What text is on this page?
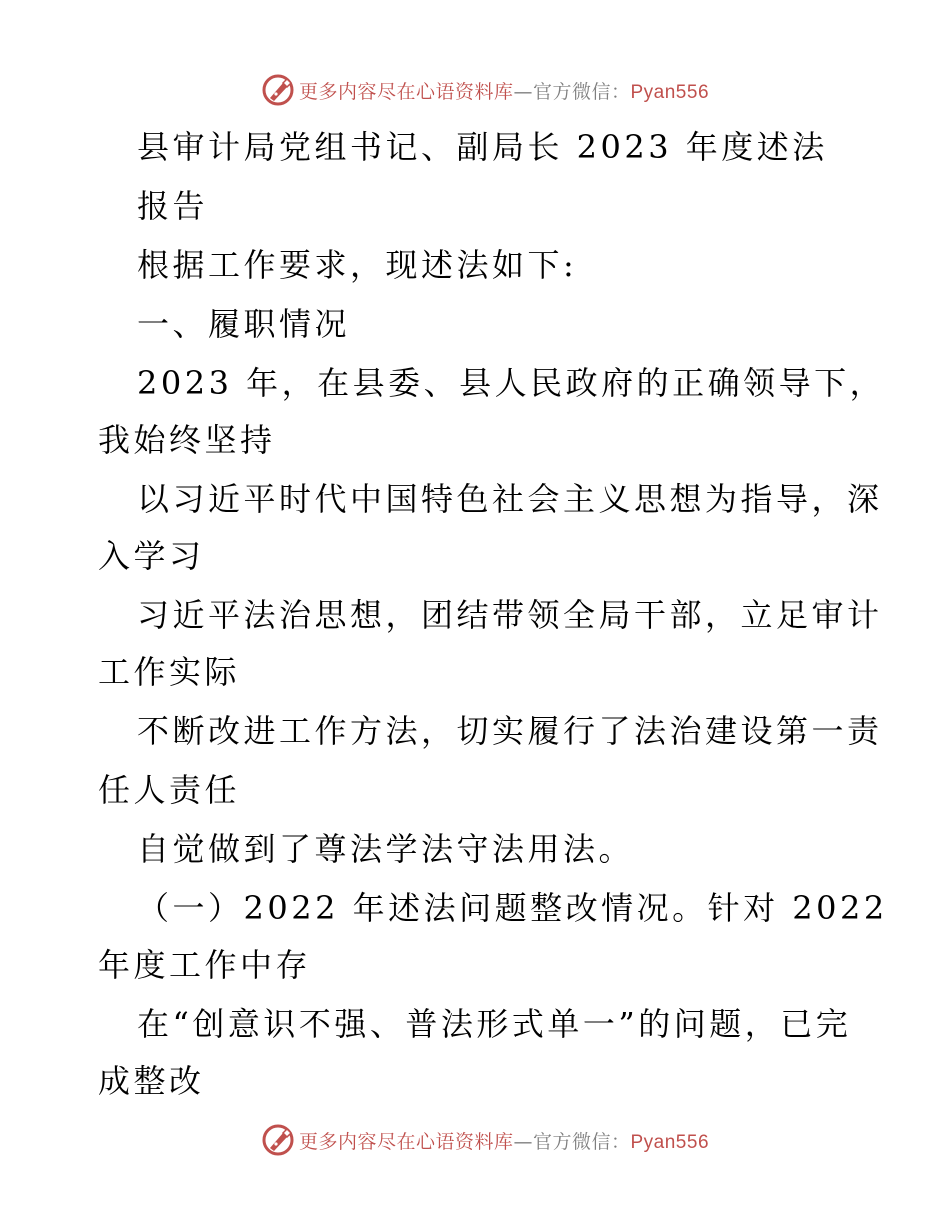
更多内容尽在心语资料库—官方微信：Pyan556
县审计局党组书记、副局长 2023 年度述法
报告
根据工作要求，现述法如下:
一、履职情况
2023 年，在县委、县人民政府的正确领导下，
我始终坚持
以习近平时代中国特色社会主义思想为指导，深
入学习
习近平法治思想，团结带领全局干部，立足审计
工作实际
不断改进工作方法，切实履行了法治建设第一责
任人责任
自觉做到了尊法学法守法用法。
（一）2022 年述法问题整改情况。针对 2022
年度工作中存
在“创意识不强、普法形式单一”的问题，已完
成整改
更多内容尽在心语资料库—官方微信：Pyan556
